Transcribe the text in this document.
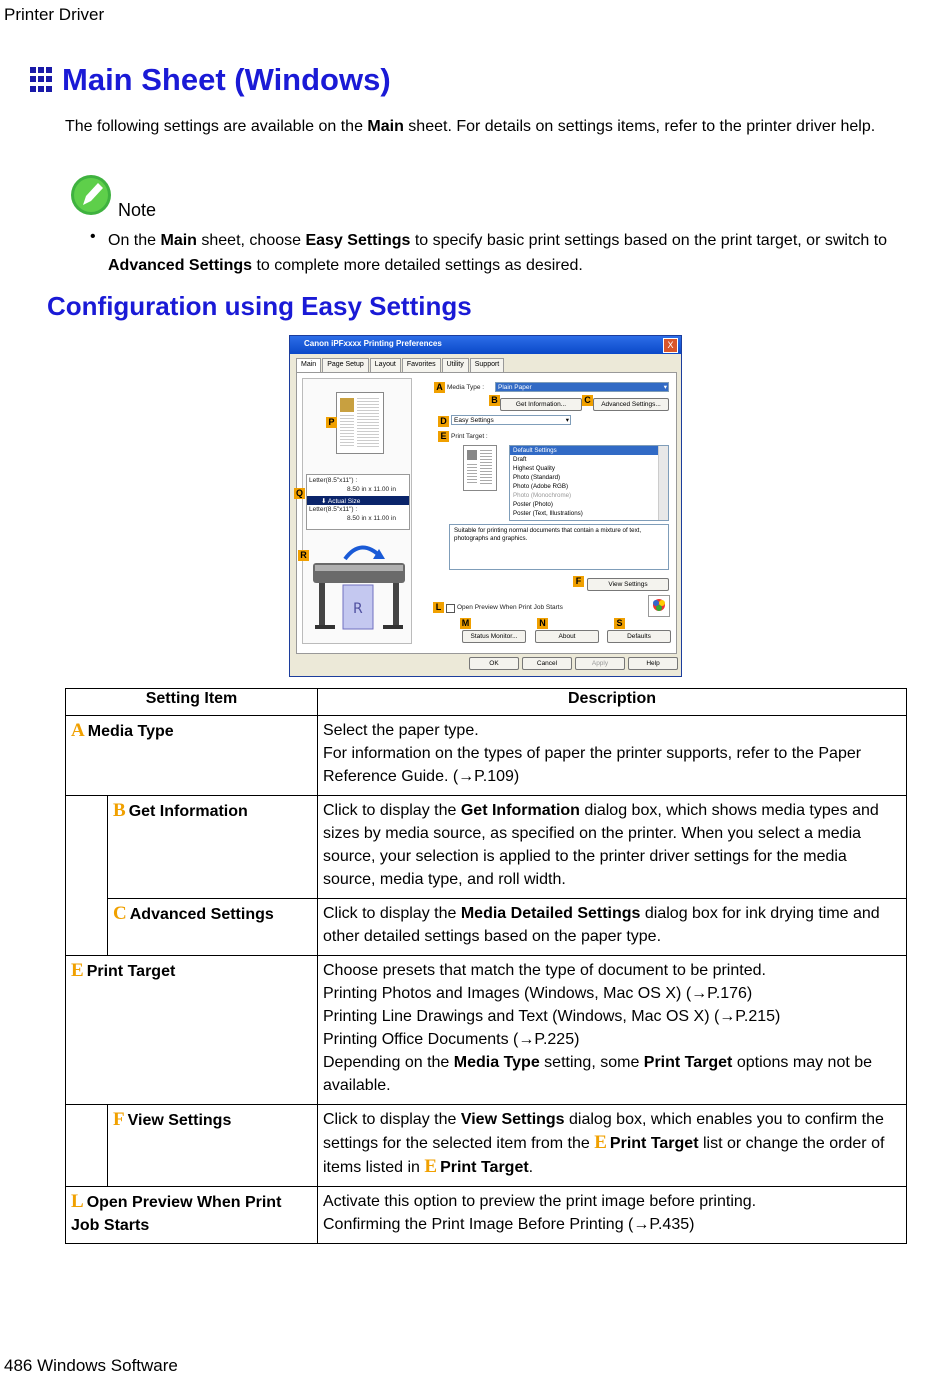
Printer Driver
Main Sheet (Windows)
The following settings are available on the Main sheet. For details on settings items, refer to the printer driver help.
Note
• On the Main sheet, choose Easy Settings to specify basic print settings based on the print target, or switch to Advanced Settings to complete more detailed settings as desired.
Configuration using Easy Settings
Canon iPFxxxx Printing Preferences	X
Main	Page Setup	Layout	Favorites	Utility	Support
Letter(8.5"x11") :
8.50 in x 11.00 in
⬇ Actual Size
Letter(8.5"x11") :
8.50 in x 11.00 in
R
A Media Type :	Plain Paper	▾
B	Get Information...	C	Advanced Settings...
D	Easy Settings	▾
E Print Target :
Default Settings
Draft
Highest Quality
Photo (Standard)
Photo (Adobe RGB)
Photo (Monochrome)
Poster (Photo)
Poster (Text, Illustrations)
Suitable for printing normal documents that contain a mixture of text, photographs and graphics.
F	View Settings
L	Open Preview When Print Job Starts
M	N	S
Status Monitor...	About	Defaults
P
Q
R
OK	Cancel	Apply	Help
Setting Item		Description
A Media Type		Select the paper type.
For information on the types of paper the printer supports, refer to the Paper Reference Guide. (→P.109)

	B Get Information	Click to display the Get Information dialog box, which shows media types and sizes by media source, as specified on the printer. When you select a media source, your selection is applied to the printer driver settings for the media source, media type, and roll width.
	C Advanced Settings	Click to display the Media Detailed Settings dialog box for ink drying time and other detailed settings based on the paper type.
E Print Target		Choose presets that match the type of document to be printed.
Printing Photos and Images (Windows, Mac OS X) (→P.176)
Printing Line Drawings and Text (Windows, Mac OS X) (→P.215)
Printing Office Documents (→P.225)
Depending on the Media Type setting, some Print Target options may not be available.

	F View Settings	Click to display the View Settings dialog box, which enables you to confirm the settings for the selected item from the E Print Target list or change the order of items listed in E Print Target.
L Open Preview When Print Job Starts		Activate this option to preview the print image before printing.
Confirming the Print Image Before Printing (→P.435)
486 Windows Software
